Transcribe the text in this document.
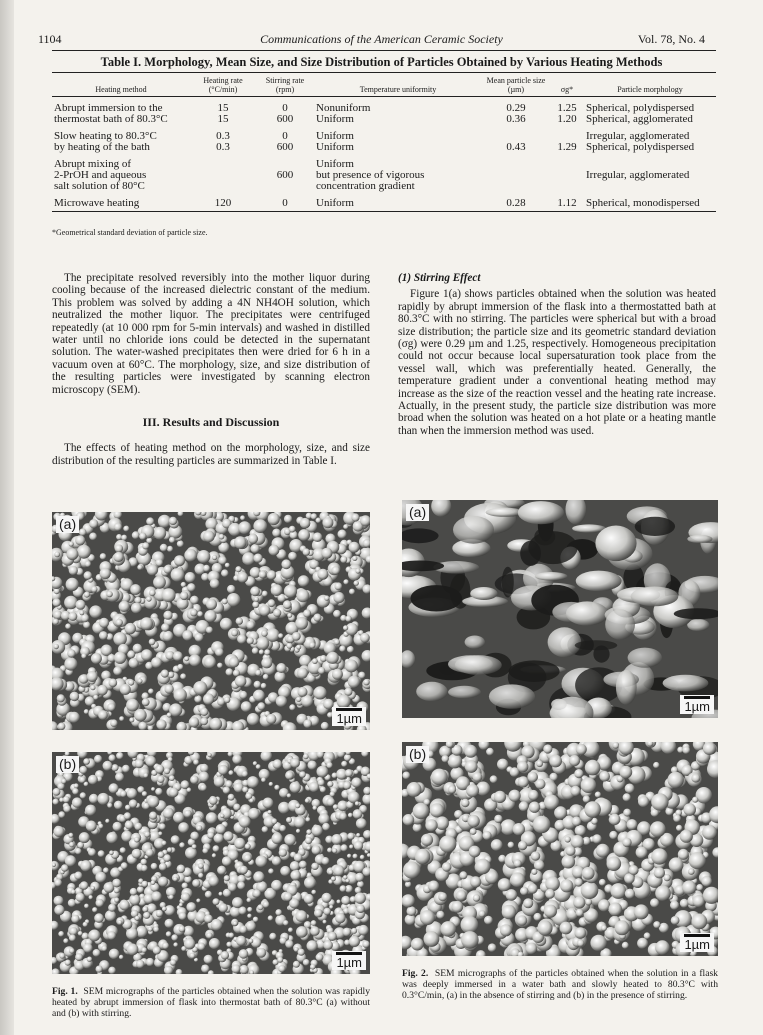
1104	Communications of the American Ceramic Society	Vol. 78, No. 4
Table I. Morphology, Mean Size, and Size Distribution of Particles Obtained by Various Heating Methods
Heating method	Heating rate (°C/min)	Stirring rate (rpm)	Temperature uniformity	Mean particle size (µm)	σg*	Particle morphology
Abrupt immersion to the	15	0	Nonuniform	0.29	1.25	Spherical, polydispersed
thermostat bath of 80.3°C	15	600	Uniform	0.36	1.20	Spherical, agglomerated
Slow heating to 80.3°C	0.3	0	Uniform			Irregular, agglomerated
by heating of the bath	0.3	600	Uniform	0.43	1.29	Spherical, polydispersed
Abrupt mixing of			Uniform			
2-PrOH and aqueous		600	but presence of vigorous			Irregular, agglomerated
salt solution of 80°C			concentration gradient			
Microwave heating	120	0	Uniform	0.28	1.12	Spherical, monodispersed
*Geometrical standard deviation of particle size.

The precipitate resolved reversibly into the mother liquor during cooling because of the increased dielectric constant of the medium. This problem was solved by adding a 4N NH4OH solution, which neutralized the mother liquor. The precipitates were centrifuged repeatedly (at 10 000 rpm for 5-min intervals) and washed in distilled water until no chloride ions could be detected in the supernatant solution. The water-washed precipitates then were dried for 6 h in a vacuum oven at 60°C. The morphology, size, and size distribution of the resulting particles were investigated by scanning electron microscopy (SEM).

III. Results and Discussion

The effects of heating method on the morphology, size, and size distribution of the resulting particles are summarized in Table I.

(1) Stirring Effect

Figure 1(a) shows particles obtained when the solution was heated rapidly by abrupt immersion of the flask into a thermostatted bath at 80.3°C with no stirring. The particles were spherical but with a broad size distribution; the particle size and its geometric standard deviation (σg) were 0.29 µm and 1.25, respectively. Homogeneous precipitation could not occur because local supersaturation took place from the vessel wall, which was preferentially heated. Generally, the temperature gradient under a conventional heating method may increase as the size of the reaction vessel and the heating rate increase. Actually, in the present study, the particle size distribution was more broad when the solution was heated on a hot plate or a heating mantle than when the immersion method was used.

(a)
1µm
(b)
1µm
(a)
1µm
(b)
1µm
Fig. 1. SEM micrographs of the particles obtained when the solution was rapidly heated by abrupt immersion of flask into thermostat bath of 80.3°C (a) without and (b) with stirring.
Fig. 2. SEM micrographs of the particles obtained when the solution in a flask was deeply immersed in a water bath and slowly heated to 80.3°C with 0.3°C/min, (a) in the absence of stirring and (b) in the presence of stirring.
